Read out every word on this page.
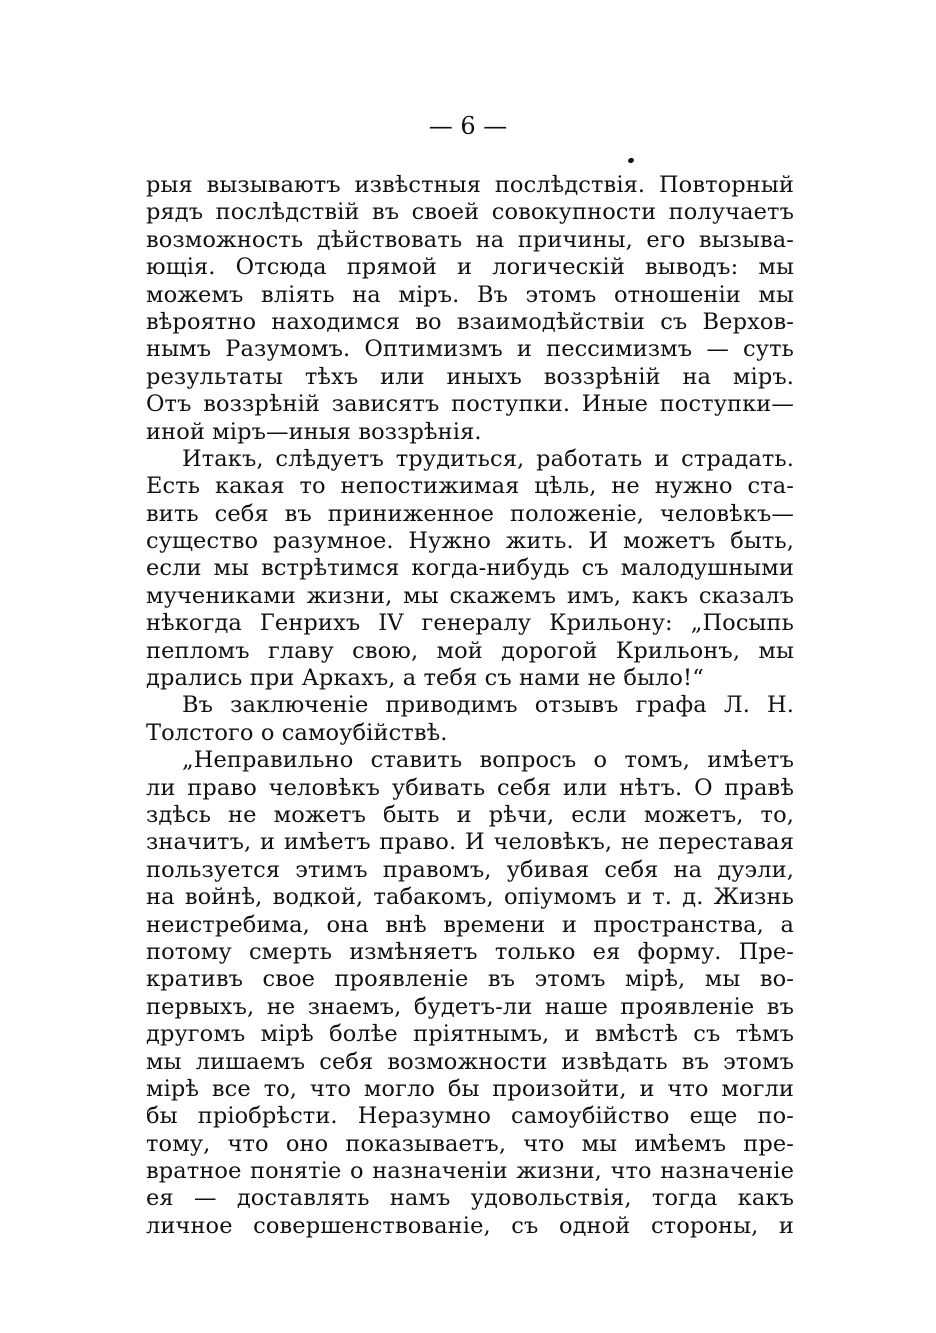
— 6 —
рыя вызываютъ извѣстныя послѣдствія. Повторный
рядъ послѣдствій въ своей совокупности получаетъ
возможность дѣйствовать на причины, его вызыва-
ющія. Отсюда прямой и логическій выводъ: мы
можемъ влiять на мiръ. Въ этомъ отношеніи мы
вѣроятно находимся во взаимодѣйствіи съ Верхов-
нымъ Разумомъ. Оптимизмъ и пессимизмъ — суть
результаты тѣхъ или иныхъ воззрѣній на міръ.
Отъ воззрѣній зависятъ поступки. Иные поступки—
иной міръ—иныя воззрѣнія.
Итакъ, слѣдуетъ трудиться, работать и страдать.
Есть какая то непостижимая цѣль, не нужно ста-
вить себя въ приниженное положеніе, человѣкъ—
существо разумное. Нужно жить. И можетъ быть,
если мы встрѣтимся когда-нибудь съ малодушными
мучениками жизни, мы скажемъ имъ, какъ сказалъ
нѣкогда Генрихъ IV генералу Крильону: „Посыпь
пепломъ главу свою, мой дорогой Крильонъ, мы
дрались при Аркахъ, а тебя съ нами не было!“
Въ заключеніе приводимъ отзывъ графа Л. Н.
Толстого о самоубійствѣ.
„Неправильно ставить вопросъ о томъ, имѣетъ
ли право человѣкъ убивать себя или нѣтъ. О правѣ
здѣсь не можетъ быть и рѣчи, если можетъ, то,
значитъ, и имѣетъ право. И человѣкъ, не переставая
пользуется этимъ правомъ, убивая себя на дуэли,
на войнѣ, водкой, табакомъ, опіумомъ и т. д. Жизнь
неистребима, она внѣ времени и пространства, а
потому смерть измѣняетъ только ея форму. Пре-
кративъ свое проявленіе въ этомъ мірѣ, мы во-
первыхъ, не знаемъ, будетъ-ли наше проявленіе въ
другомъ мірѣ болѣе пріятнымъ, и вмѣстѣ съ тѣмъ
мы лишаемъ себя возможности извѣдать въ этомъ
мірѣ все то, что могло бы произойти, и что могли
бы пріобрѣсти. Неразумно самоубійство еще по-
тому, что оно показываетъ, что мы имѣемъ пре-
вратное понятіе о назначеніи жизни, что назначеніе
ея — доставлять намъ удовольствія, тогда какъ
личное совершенствованіе, съ одной стороны, и
